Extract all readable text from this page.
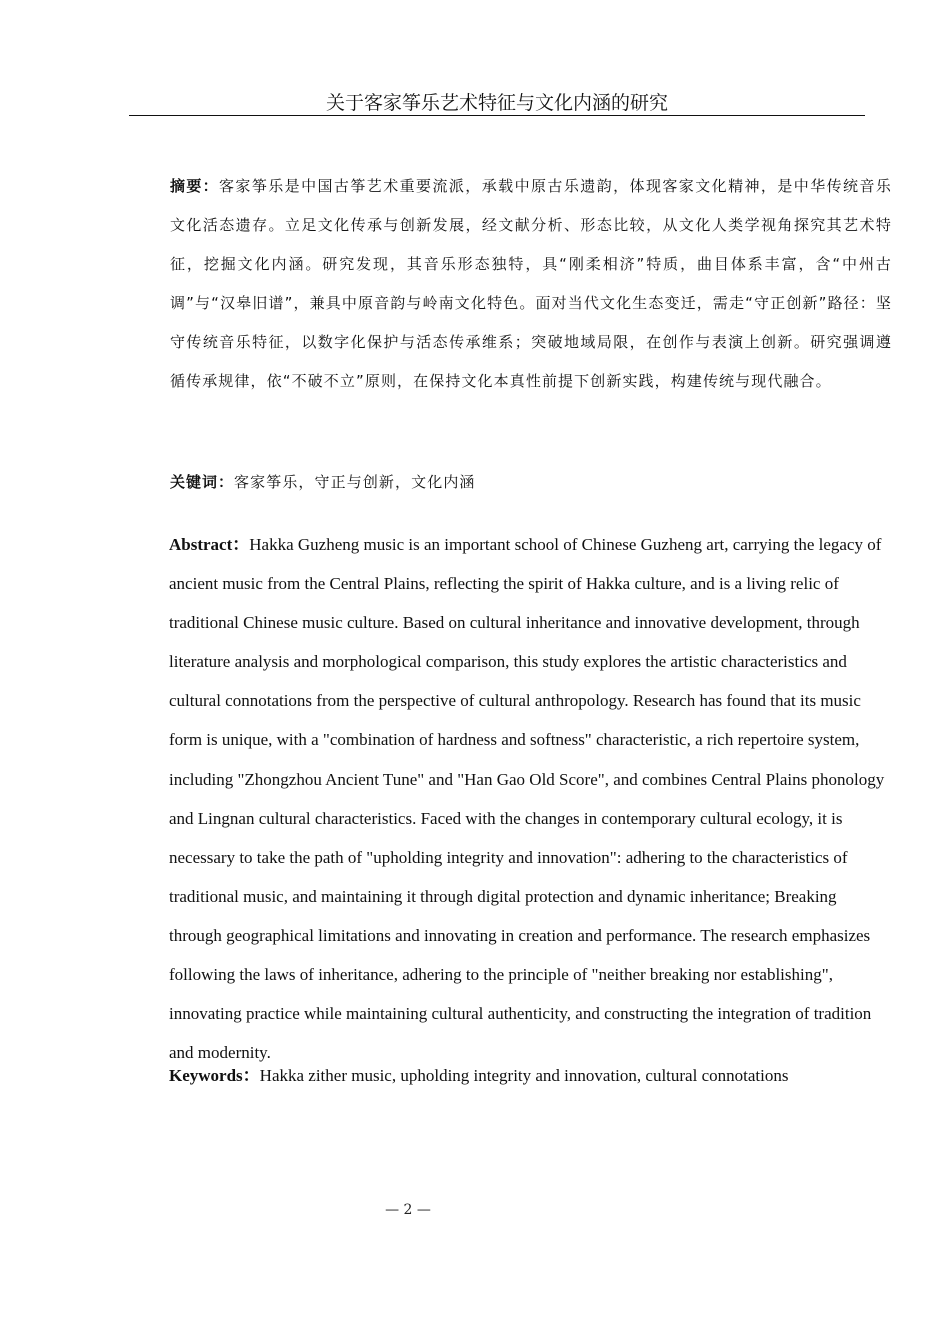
关于客家筝乐艺术特征与文化内涵的研究
摘要：客家筝乐是中国古筝艺术重要流派，承载中原古乐遗韵，体现客家文化精神，是中华传统音乐文化活态遗存。立足文化传承与创新发展，经文献分析、形态比较，从文化人类学视角探究其艺术特征，挖掘文化内涵。研究发现，其音乐形态独特，具“刚柔相济”特质，曲目体系丰富，含“中州古调”与“汉皋旧谱”，兼具中原音韵与岭南文化特色。面对当代文化生态变迁，需走“守正创新”路径：坚守传统音乐特征，以数字化保护与活态传承维系；突破地域局限，在创作与表演上创新。研究强调遵循传承规律，依“不破不立”原则，在保持文化本真性前提下创新实践，构建传统与现代融合。
关键词：客家筝乐，守正与创新，文化内涵
Abstract：Hakka Guzheng music is an important school of Chinese Guzheng art, carrying the legacy of ancient music from the Central Plains, reflecting the spirit of Hakka culture, and is a living relic of traditional Chinese music culture. Based on cultural inheritance and innovative development, through literature analysis and morphological comparison, this study explores the artistic characteristics and cultural connotations from the perspective of cultural anthropology. Research has found that its music form is unique, with a "combination of hardness and softness" characteristic, a rich repertoire system, including "Zhongzhou Ancient Tune" and "Han Gao Old Score", and combines Central Plains phonology and Lingnan cultural characteristics. Faced with the changes in contemporary cultural ecology, it is necessary to take the path of "upholding integrity and innovation": adhering to the characteristics of traditional music, and maintaining it through digital protection and dynamic inheritance; Breaking through geographical limitations and innovating in creation and performance. The research emphasizes following the laws of inheritance, adhering to the principle of "neither breaking nor establishing", innovating practice while maintaining cultural authenticity, and constructing the integration of tradition and modernity.
Keywords：Hakka zither music, upholding integrity and innovation, cultural connotations
— 2 —
